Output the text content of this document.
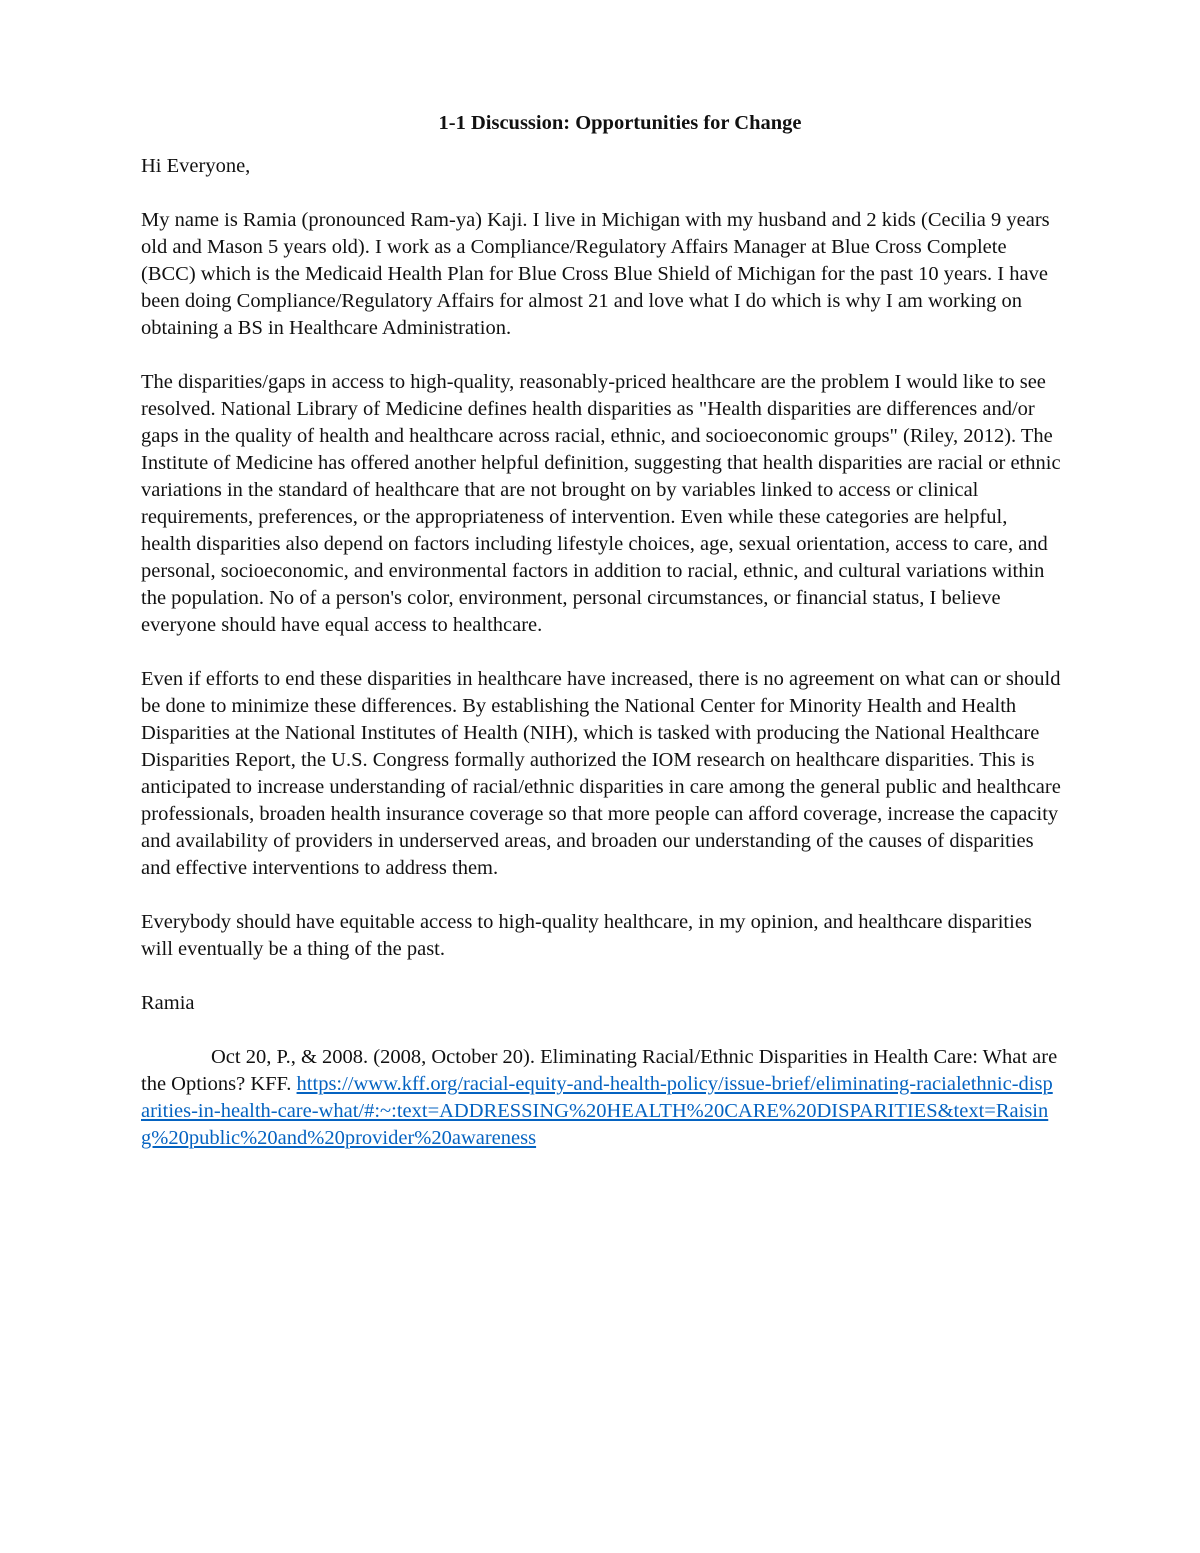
1-1 Discussion: Opportunities for Change

Hi Everyone,

My name is Ramia (pronounced Ram-ya) Kaji. I live in Michigan with my husband and 2 kids (Cecilia 9 years old and Mason 5 years old). I work as a Compliance/Regulatory Affairs Manager at Blue Cross Complete (BCC) which is the Medicaid Health Plan for Blue Cross Blue Shield of Michigan for the past 10 years. I have been doing Compliance/Regulatory Affairs for almost 21 and love what I do which is why I am working on obtaining a BS in Healthcare Administration.

The disparities/gaps in access to high-quality, reasonably-priced healthcare are the problem I would like to see resolved. National Library of Medicine defines health disparities as "Health disparities are differences and/or gaps in the quality of health and healthcare across racial, ethnic, and socioeconomic groups" (Riley, 2012). The Institute of Medicine has offered another helpful definition, suggesting that health disparities are racial or ethnic variations in the standard of healthcare that are not brought on by variables linked to access or clinical requirements, preferences, or the appropriateness of intervention. Even while these categories are helpful, health disparities also depend on factors including lifestyle choices, age, sexual orientation, access to care, and personal, socioeconomic, and environmental factors in addition to racial, ethnic, and cultural variations within the population. No of a person's color, environment, personal circumstances, or financial status, I believe everyone should have equal access to healthcare.

Even if efforts to end these disparities in healthcare have increased, there is no agreement on what can or should be done to minimize these differences. By establishing the National Center for Minority Health and Health Disparities at the National Institutes of Health (NIH), which is tasked with producing the National Healthcare Disparities Report, the U.S. Congress formally authorized the IOM research on healthcare disparities. This is anticipated to increase understanding of racial/ethnic disparities in care among the general public and healthcare professionals, broaden health insurance coverage so that more people can afford coverage, increase the capacity and availability of providers in underserved areas, and broaden our understanding of the causes of disparities and effective interventions to address them.

Everybody should have equitable access to high-quality healthcare, in my opinion, and healthcare disparities will eventually be a thing of the past.

Ramia

Oct 20, P., & 2008. (2008, October 20). Eliminating Racial/Ethnic Disparities in Health Care: What are the Options? KFF. https://www.kff.org/racial-equity-and-health-policy/issue-brief/eliminating-racialethnic-disparities-in-health-care-what/#:~:text=ADDRESSING%20HEALTH%20CARE%20DISPARITIES&text=Raising%20public%20and%20provider%20awareness
